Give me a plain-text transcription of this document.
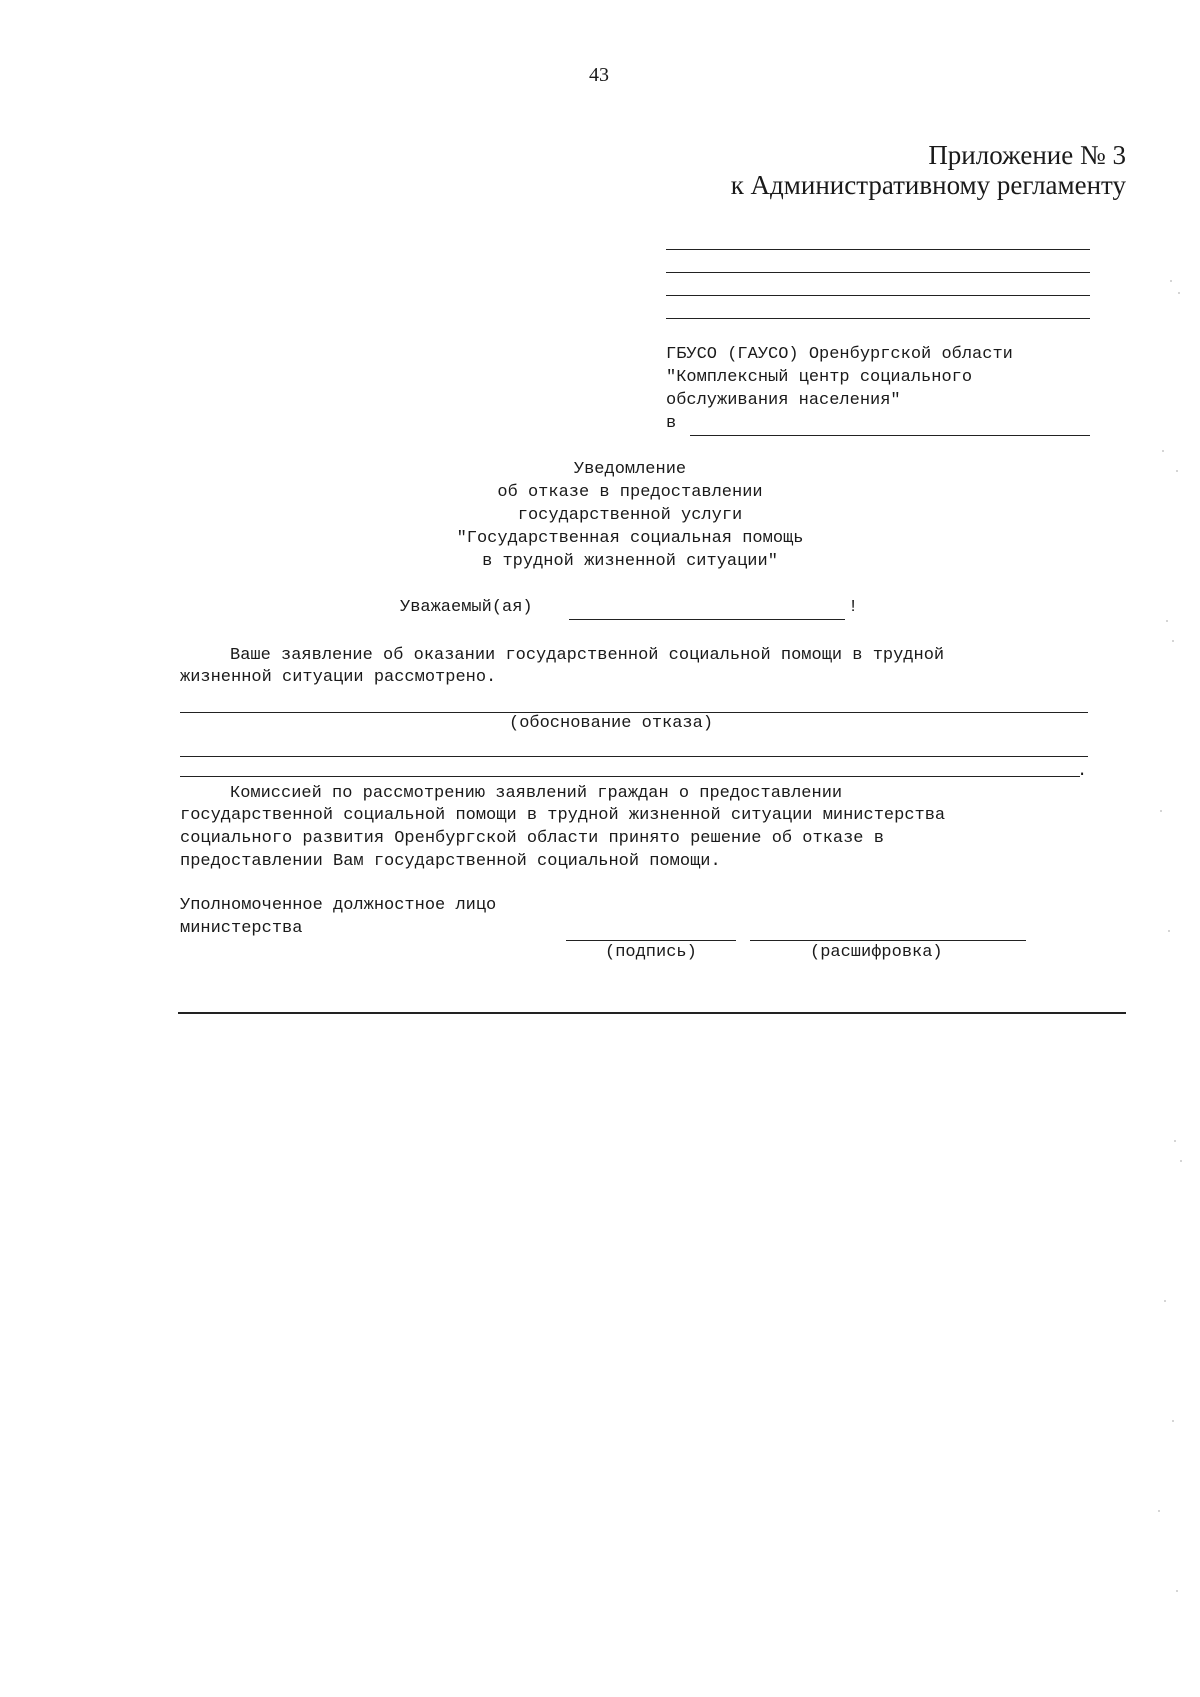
43
Приложение № 3
к Административному регламенту
ГБУСО (ГАУСО) Оренбургской области
"Комплексный центр социального
обслуживания населения"
в
Уведомление
об отказе в предоставлении
государственной услуги
"Государственная социальная помощь
в трудной жизненной ситуации"
Уважаемый(ая)	!
Ваше заявление об оказании государственной социальной помощи в трудной
жизненной ситуации рассмотрено.
(обоснование отказа)
.
Комиссией по рассмотрению заявлений граждан о предоставлении
государственной социальной помощи в трудной жизненной ситуации министерства
социального развития Оренбургской области принято решение об отказе в
предоставлении Вам государственной социальной помощи.
Уполномоченное должностное лицо
министерства
(подпись)	(расшифровка)
